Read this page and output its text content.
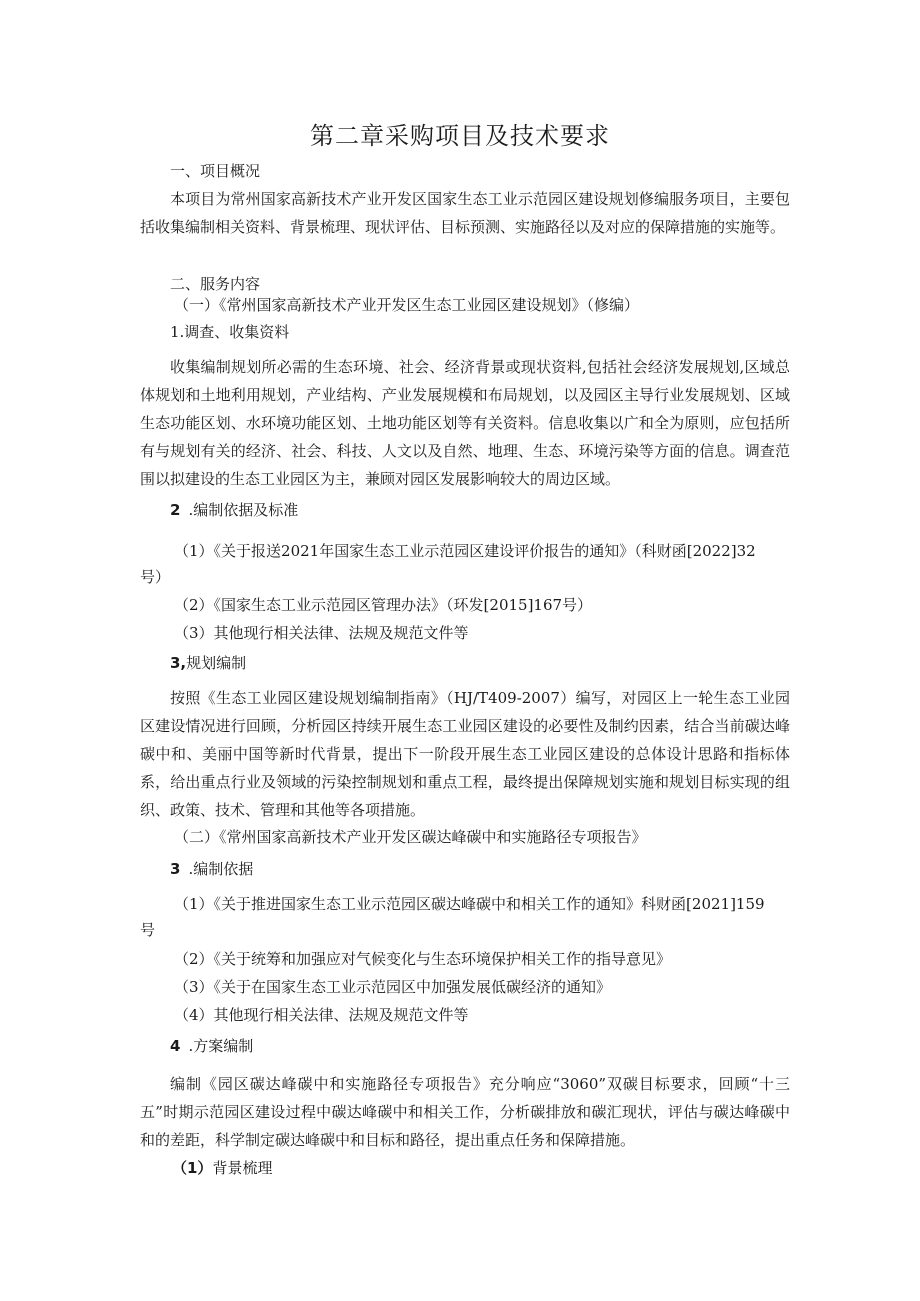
第二章采购项目及技术要求

一、项目概况

本项目为常州国家高新技术产业开发区国家生态工业示范园区建设规划修编服务项目，主要包括收集编制相关资料、背景梳理、现状评估、目标预测、实施路径以及对应的保障措施的实施等。

二、服务内容

（一）《常州国家高新技术产业开发区生态工业园区建设规划》（修编）

1.调查、收集资料

收集编制规划所必需的生态环境、社会、经济背景或现状资料,包括社会经济发展规划,区域总体规划和土地利用规划，产业结构、产业发展规模和布局规划，以及园区主导行业发展规划、区域生态功能区划、水环境功能区划、土地功能区划等有关资料。信息收集以广和全为原则，应包括所有与规划有关的经济、社会、科技、人文以及自然、地理、生态、环境污染等方面的信息。调查范围以拟建设的生态工业园区为主，兼顾对园区发展影响较大的周边区域。

2 .编制依据及标准

（1）《关于报送2021年国家生态工业示范园区建设评价报告的通知》（科财函[2022]32

号）

（2）《国家生态工业示范园区管理办法》（环发[2015]167号）

（3）其他现行相关法律、法规及规范文件等

3,规划编制

按照《生态工业园区建设规划编制指南》（HJ/T409-2007）编写，对园区上一轮生态工业园区建设情况进行回顾，分析园区持续开展生态工业园区建设的必要性及制约因素，结合当前碳达峰碳中和、美丽中国等新时代背景，提出下一阶段开展生态工业园区建设的总体设计思路和指标体系，给出重点行业及领域的污染控制规划和重点工程，最终提出保障规划实施和规划目标实现的组织、政策、技术、管理和其他等各项措施。

（二）《常州国家高新技术产业开发区碳达峰碳中和实施路径专项报告》

3 .编制依据

（1）《关于推进国家生态工业示范园区碳达峰碳中和相关工作的通知》科财函[2021]159

号

（2）《关于统筹和加强应对气候变化与生态环境保护相关工作的指导意见》

（3）《关于在国家生态工业示范园区中加强发展低碳经济的通知》

（4）其他现行相关法律、法规及规范文件等

4 .方案编制

编制《园区碳达峰碳中和实施路径专项报告》充分响应“3060”双碳目标要求，回顾“十三五”时期示范园区建设过程中碳达峰碳中和相关工作，分析碳排放和碳汇现状，评估与碳达峰碳中和的差距，科学制定碳达峰碳中和目标和路径，提出重点任务和保障措施。

（1）背景梳理
